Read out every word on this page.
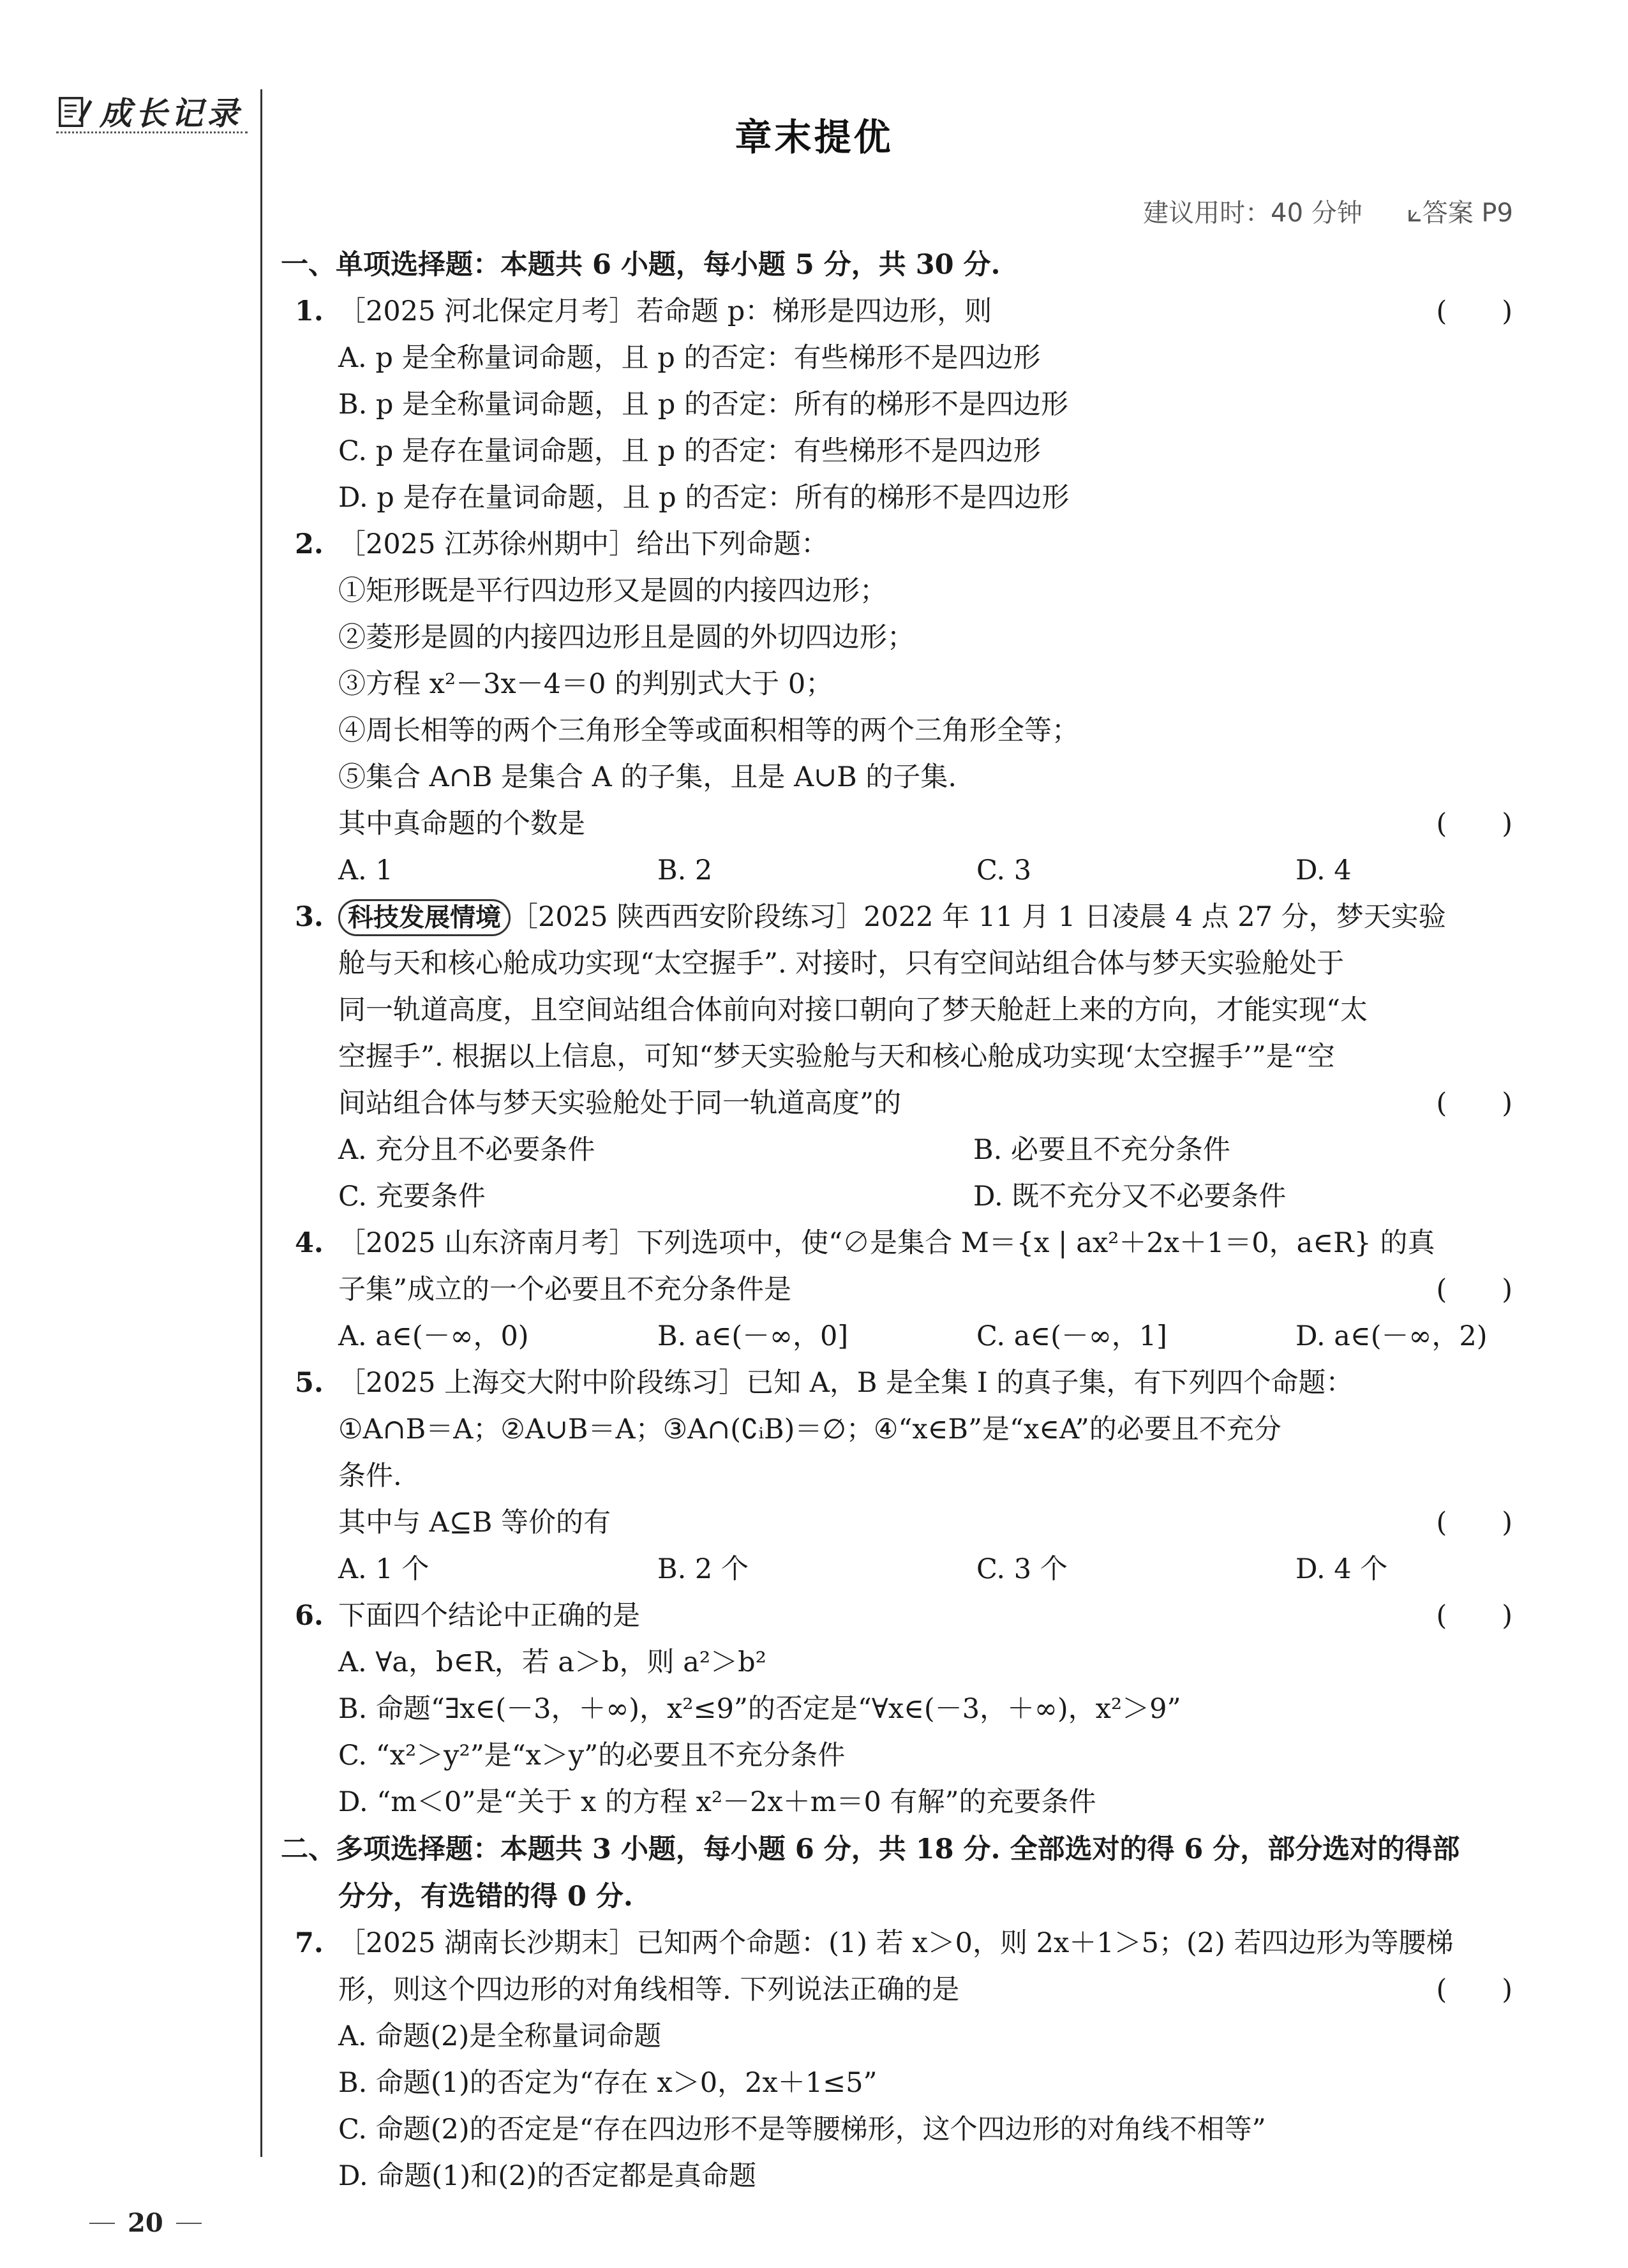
成长记录
章末提优
建议用时：40 分钟 ⟀答案 P9
一、单项选择题：本题共 6 小题，每小题 5 分，共 30 分.
1. ［2025 河北保定月考］若命题 p：梯形是四边形，则	(　　)
A. p 是全称量词命题，且 p 的否定：有些梯形不是四边形
B. p 是全称量词命题，且 p 的否定：所有的梯形不是四边形
C. p 是存在量词命题，且 p 的否定：有些梯形不是四边形
D. p 是存在量词命题，且 p 的否定：所有的梯形不是四边形
2. ［2025 江苏徐州期中］给出下列命题：
①矩形既是平行四边形又是圆的内接四边形；
②菱形是圆的内接四边形且是圆的外切四边形；
③方程 x²－3x－4＝0 的判别式大于 0；
④周长相等的两个三角形全等或面积相等的两个三角形全等；
⑤集合 A∩B 是集合 A 的子集，且是 A∪B 的子集.
其中真命题的个数是	(　　)
A. 1	B. 2	C. 3	D. 4
3. 科技发展情境 ［2025 陕西西安阶段练习］2022 年 11 月 1 日凌晨 4 点 27 分，梦天实验
舱与天和核心舱成功实现“太空握手”. 对接时，只有空间站组合体与梦天实验舱处于
同一轨道高度，且空间站组合体前向对接口朝向了梦天舱赶上来的方向，才能实现“太
空握手”. 根据以上信息，可知“梦天实验舱与天和核心舱成功实现‘太空握手’”是“空
间站组合体与梦天实验舱处于同一轨道高度”的	(　　)
A. 充分且不必要条件	B. 必要且不充分条件
C. 充要条件	D. 既不充分又不必要条件
4. ［2025 山东济南月考］下列选项中，使“∅是集合 M＝{x | ax²＋2x＋1＝0，a∈R} 的真
子集”成立的一个必要且不充分条件是	(　　)
A. a∈(－∞，0)	B. a∈(－∞，0]	C. a∈(－∞，1]	D. a∈(－∞，2)
5. ［2025 上海交大附中阶段练习］已知 A，B 是全集 I 的真子集，有下列四个命题：
①A∩B＝A；②A∪B＝A；③A∩(∁ᵢB)＝∅；④“x∈B”是“x∈A”的必要且不充分
条件.
其中与 A⊆B 等价的有	(　　)
A. 1 个	B. 2 个	C. 3 个	D. 4 个
6. 下面四个结论中正确的是	(　　)
A. ∀a，b∈R，若 a＞b，则 a²＞b²
B. 命题“∃x∈(－3，＋∞)，x²≤9”的否定是“∀x∈(－3，＋∞)，x²＞9”
C. “x²＞y²”是“x＞y”的必要且不充分条件
D. “m＜0”是“关于 x 的方程 x²－2x＋m＝0 有解”的充要条件
二、多项选择题：本题共 3 小题，每小题 6 分，共 18 分. 全部选对的得 6 分，部分选对的得部
分分，有选错的得 0 分.
7. ［2025 湖南长沙期末］已知两个命题：(1) 若 x＞0，则 2x＋1＞5；(2) 若四边形为等腰梯
形，则这个四边形的对角线相等. 下列说法正确的是	(　　)
A. 命题(2)是全称量词命题
B. 命题(1)的否定为“存在 x＞0，2x＋1≤5”
C. 命题(2)的否定是“存在四边形不是等腰梯形，这个四边形的对角线不相等”
D. 命题(1)和(2)的否定都是真命题
20
